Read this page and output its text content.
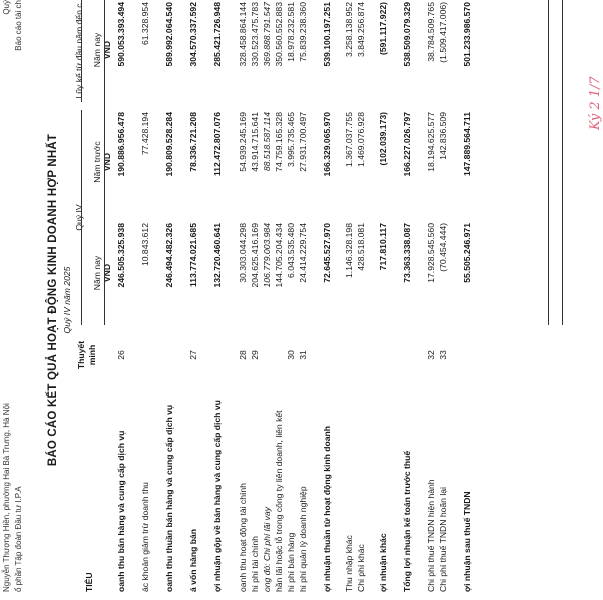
ổ phần Tập đoàn Đầu tư I.P.A
Nguyễn Thượng Hiền, phường Hai Bà Trưng, Hà Nội
Báo cáo tài ch
Quý
BÁO CÁO KẾT QUẢ HOẠT ĐỘNG KINH DOANH HỢP NHẤT Quý IV năm 2025
TIÊU
Thuyết minh
Quý IV
Lũy kế từ đầu năm đến c
Năm nay
Năm trước
Năm nay
VND
VND
VND
oanh thu bán hàng và cung cấp dịch vụ
26
246.505.325.938
190.886.956.478
590.053.393.494
ác khoản giảm trừ doanh thu
10.843.612
77.428.194
61.328.954
oanh thu thuần bán hàng và cung cấp dịch vụ
246.494.482.326
190.809.528.284
589.992.064.540
á vốn hàng bán
27
113.774.021.685
78.336.721.208
304.570.337.592
ợi nhuận gộp về bán hàng và cung cấp dịch vụ
132.720.460.641
112.472.807.076
285.421.726.948
oanh thu hoạt động tài chính
28
30.303.044.298
54.939.245.169
328.458.864.144
hi phí tài chính
29
204.625.416.169
43.914.715.641
330.523.475.783
ong đó: Chi phí lãi vay
106.779.003.984
88.518.587.114
369.888.791.547
hần lãi hoặc lỗ trong công ty liên doanh, liên kết
144.705.204.434
74.759.165.328
350.560.552.883
hi phí bán hàng
30
6.043.535.480
3.995.735.465
18.978.232.581
hi phí quản lý doanh nghiệp
31
24.414.229.754
27.931.700.497
75.839.238.360
ợi nhuận thuần từ hoạt động kinh doanh
72.645.527.970
166.329.065.970
539.100.197.251
Thu nhập khác
1.146.328.198
1.367.037.755
3.258.138.952
Chi phí khác
428.518.081
1.469.076.928
3.849.256.874
ợi nhuận khác
717.810.117
(102.039.173)
(591.117.922)
Tổng lợi nhuận kế toán trước thuế
73.363.338.087
166.227.026.797
538.509.079.329
Chi phí thuế TNDN hiện hành
32
17.928.545.560
18.194.625.577
38.784.509.765
Chi phí thuế TNDN hoãn lại
33
(70.454.444)
142.836.509
(1.509.417.006)
ợi nhuận sau thuế TNDN
55.505.246.971
147.889.564.711
501.233.986.570
Ký 2 1/7
